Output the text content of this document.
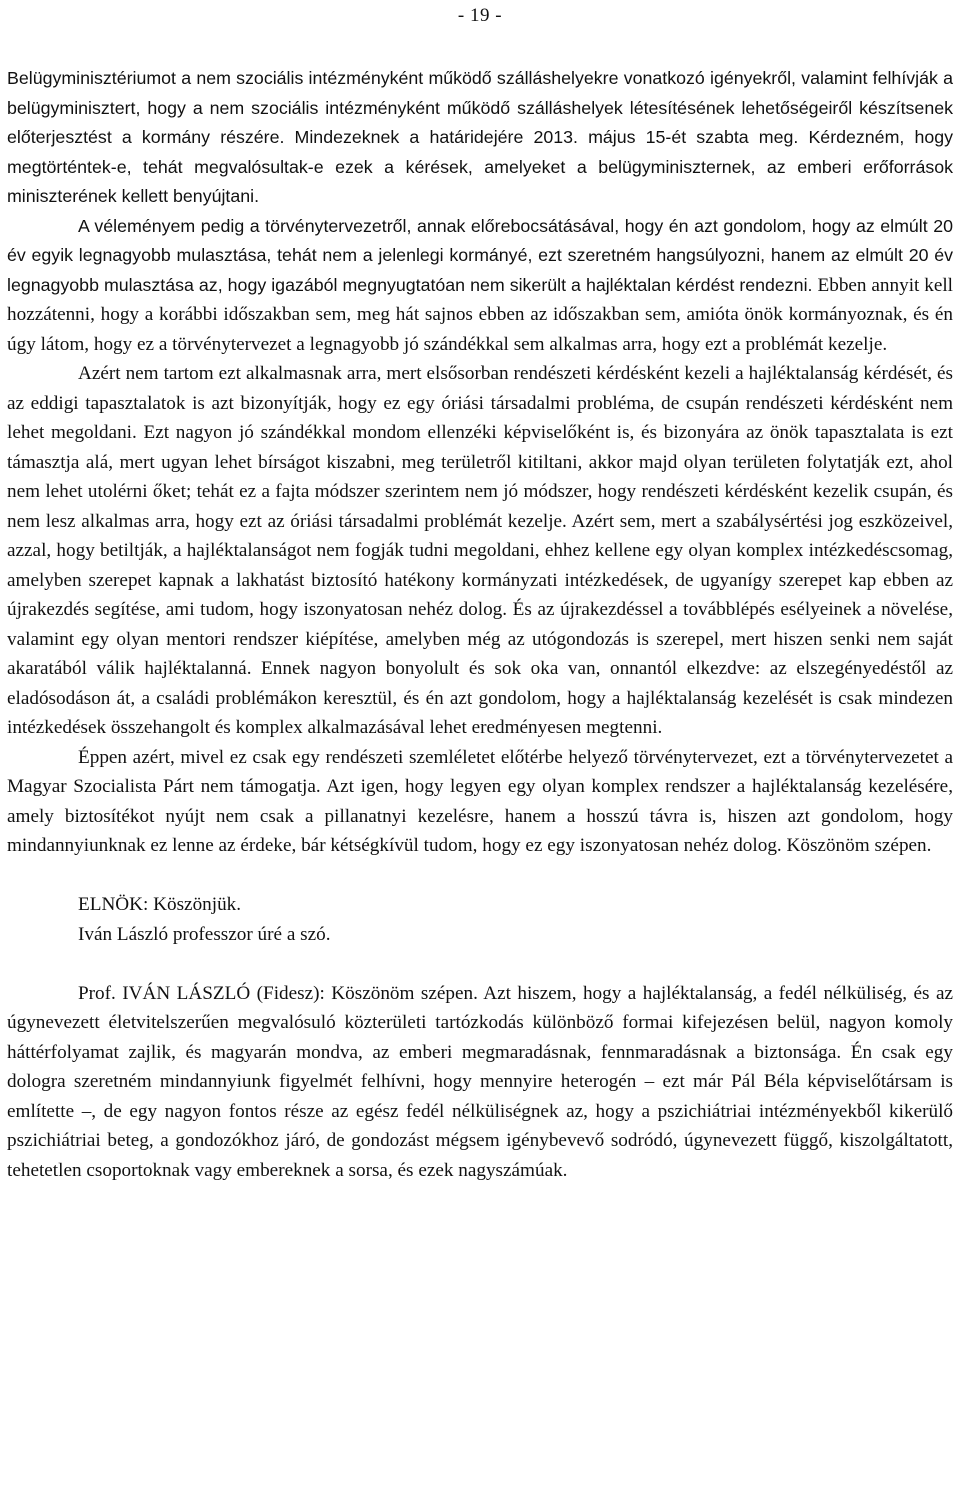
- 19 -

Belügyminisztériumot a nem szociális intézményként működő szálláshelyekre vonatkozó igényekről, valamint felhívják a belügyminisztert, hogy a nem szociális intézményként működő szálláshelyek létesítésének lehetőségeiről készítsenek előterjesztést a kormány részére. Mindezeknek a határidejére 2013. május 15-ét szabta meg. Kérdezném, hogy megtörténtek-e, tehát megvalósultak-e ezek a kérések, amelyeket a belügyminiszternek, az emberi erőforrások miniszterének kellett benyújtani.

A véleményem pedig a törvénytervezetről, annak előrebocsátásával, hogy én azt gondolom, hogy az elmúlt 20 év egyik legnagyobb mulasztása, tehát nem a jelenlegi kormányé, ezt szeretném hangsúlyozni, hanem az elmúlt 20 év legnagyobb mulasztása az, hogy igazából megnyugtatóan nem sikerült a hajléktalan kérdést rendezni. Ebben annyit kell hozzátenni, hogy a korábbi időszakban sem, meg hát sajnos ebben az időszakban sem, amióta önök kormányoznak, és én úgy látom, hogy ez a törvénytervezet a legnagyobb jó szándékkal sem alkalmas arra, hogy ezt a problémát kezelje.

Azért nem tartom ezt alkalmasnak arra, mert elsősorban rendészeti kérdésként kezeli a hajléktalanság kérdését, és az eddigi tapasztalatok is azt bizonyítják, hogy ez egy óriási társadalmi probléma, de csupán rendészeti kérdésként nem lehet megoldani. Ezt nagyon jó szándékkal mondom ellenzéki képviselőként is, és bizonyára az önök tapasztalata is ezt támasztja alá, mert ugyan lehet bírságot kiszabni, meg területről kitiltani, akkor majd olyan területen folytatják ezt, ahol nem lehet utolérni őket; tehát ez a fajta módszer szerintem nem jó módszer, hogy rendészeti kérdésként kezelik csupán, és nem lesz alkalmas arra, hogy ezt az óriási társadalmi problémát kezelje. Azért sem, mert a szabálysértési jog eszközeivel, azzal, hogy betiltják, a hajléktalanságot nem fogják tudni megoldani, ehhez kellene egy olyan komplex intézkedéscsomag, amelyben szerepet kapnak a lakhatást biztosító hatékony kormányzati intézkedések, de ugyanígy szerepet kap ebben az újrakezdés segítése, ami tudom, hogy iszonyatosan nehéz dolog. És az újrakezdéssel a továbblépés esélyeinek a növelése, valamint egy olyan mentori rendszer kiépítése, amelyben még az utógondozás is szerepel, mert hiszen senki nem saját akaratából válik hajléktalanná. Ennek nagyon bonyolult és sok oka van, onnantól elkezdve: az elszegényedéstől az eladósodáson át, a családi problémákon keresztül, és én azt gondolom, hogy a hajléktalanság kezelését is csak mindezen intézkedések összehangolt és komplex alkalmazásával lehet eredményesen megtenni.

Éppen azért, mivel ez csak egy rendészeti szemléletet előtérbe helyező törvénytervezet, ezt a törvénytervezetet a Magyar Szocialista Párt nem támogatja. Azt igen, hogy legyen egy olyan komplex rendszer a hajléktalanság kezelésére, amely biztosítékot nyújt nem csak a pillanatnyi kezelésre, hanem a hosszú távra is, hiszen azt gondolom, hogy mindannyiunknak ez lenne az érdeke, bár kétségkívül tudom, hogy ez egy iszonyatosan nehéz dolog. Köszönöm szépen.

ELNÖK: Köszönjük.

Iván László professzor úré a szó.

Prof. IVÁN LÁSZLÓ (Fidesz): Köszönöm szépen. Azt hiszem, hogy a hajléktalanság, a fedél nélküliség, és az úgynevezett életvitelszerűen megvalósuló közterületi tartózkodás különböző formai kifejezésen belül, nagyon komoly háttérfolyamat zajlik, és magyarán mondva, az emberi megmaradásnak, fennmaradásnak a biztonsága. Én csak egy dologra szeretném mindannyiunk figyelmét felhívni, hogy mennyire heterogén – ezt már Pál Béla képviselőtársam is említette –, de egy nagyon fontos része az egész fedél nélküliségnek az, hogy a pszichiátriai intézményekből kikerülő pszichiátriai beteg, a gondozókhoz járó, de gondozást mégsem igénybevevő sodródó, úgynevezett függő, kiszolgáltatott, tehetetlen csoportoknak vagy embereknek a sorsa, és ezek nagyszámúak.
